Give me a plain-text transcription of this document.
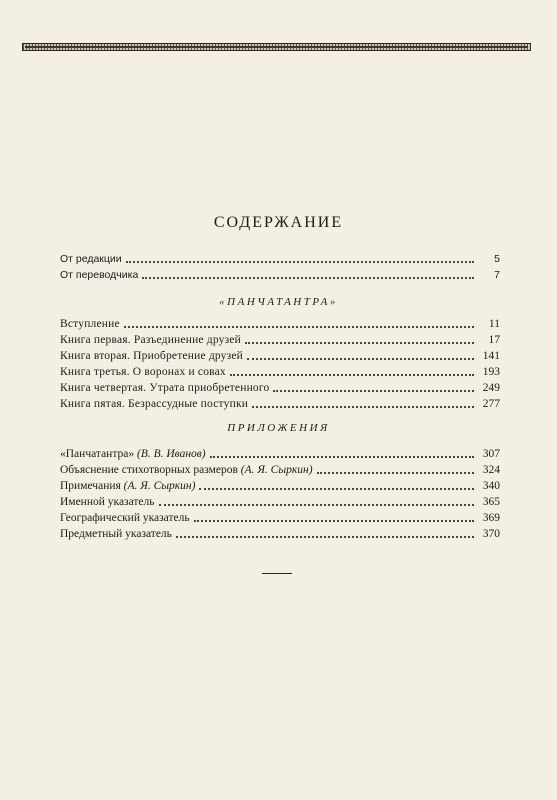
СОДЕРЖАНИЕ
От редакции	5
От переводчика	7
«ПАНЧАТАНТРА»
Вступление	11
Книга первая. Разъединение друзей	17
Книга вторая. Приобретение друзей	141
Книга третья. О воронах и совах	193
Книга четвертая. Утрата приобретенного	249
Книга пятая. Безрассудные поступки	277
ПРИЛОЖЕНИЯ
«Панчатантра» (В. В. Иванов)	307
Объяснение стихотворных размеров (А. Я. Сыркин)	324
Примечания (А. Я. Сыркин)	340
Именной указатель	365
Географический указатель	369
Предметный указатель	370
